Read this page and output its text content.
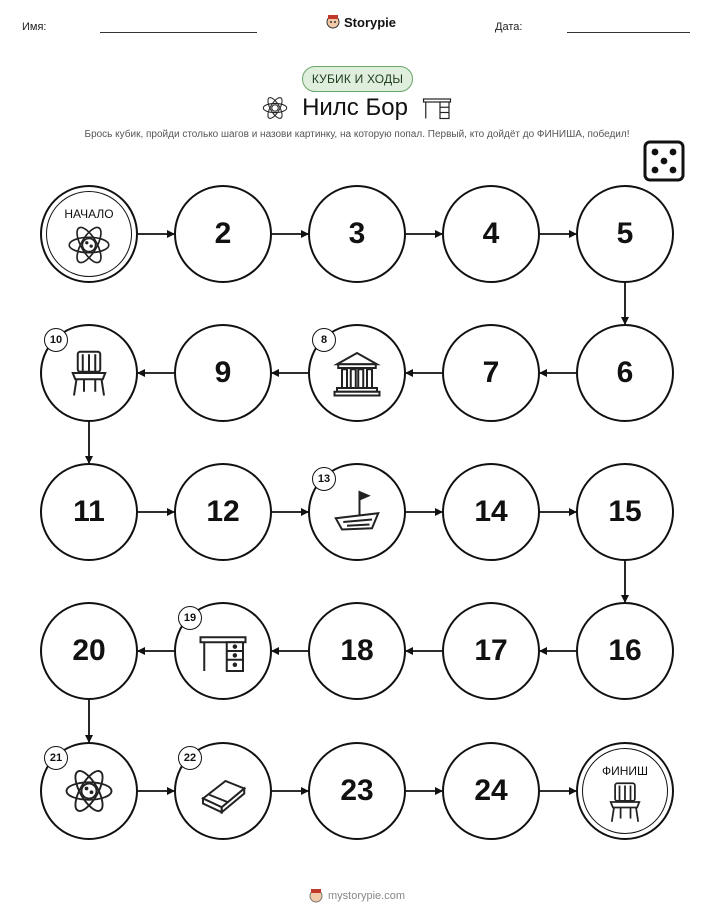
Имя:	Storypie	Дата:
КУБИК И ХОДЫ
Нилс Бор
Брось кубик, пройди столько шагов и назови картинку, на которую попал. Первый, кто дойдёт до ФИНИША, победил!
НАЧАЛО
2	3	4	5
6
7
8
9
10
11	12
13
14	15
16
17
18
19
20
21	22
23	24
ФИНИШ
mystorypie.com
